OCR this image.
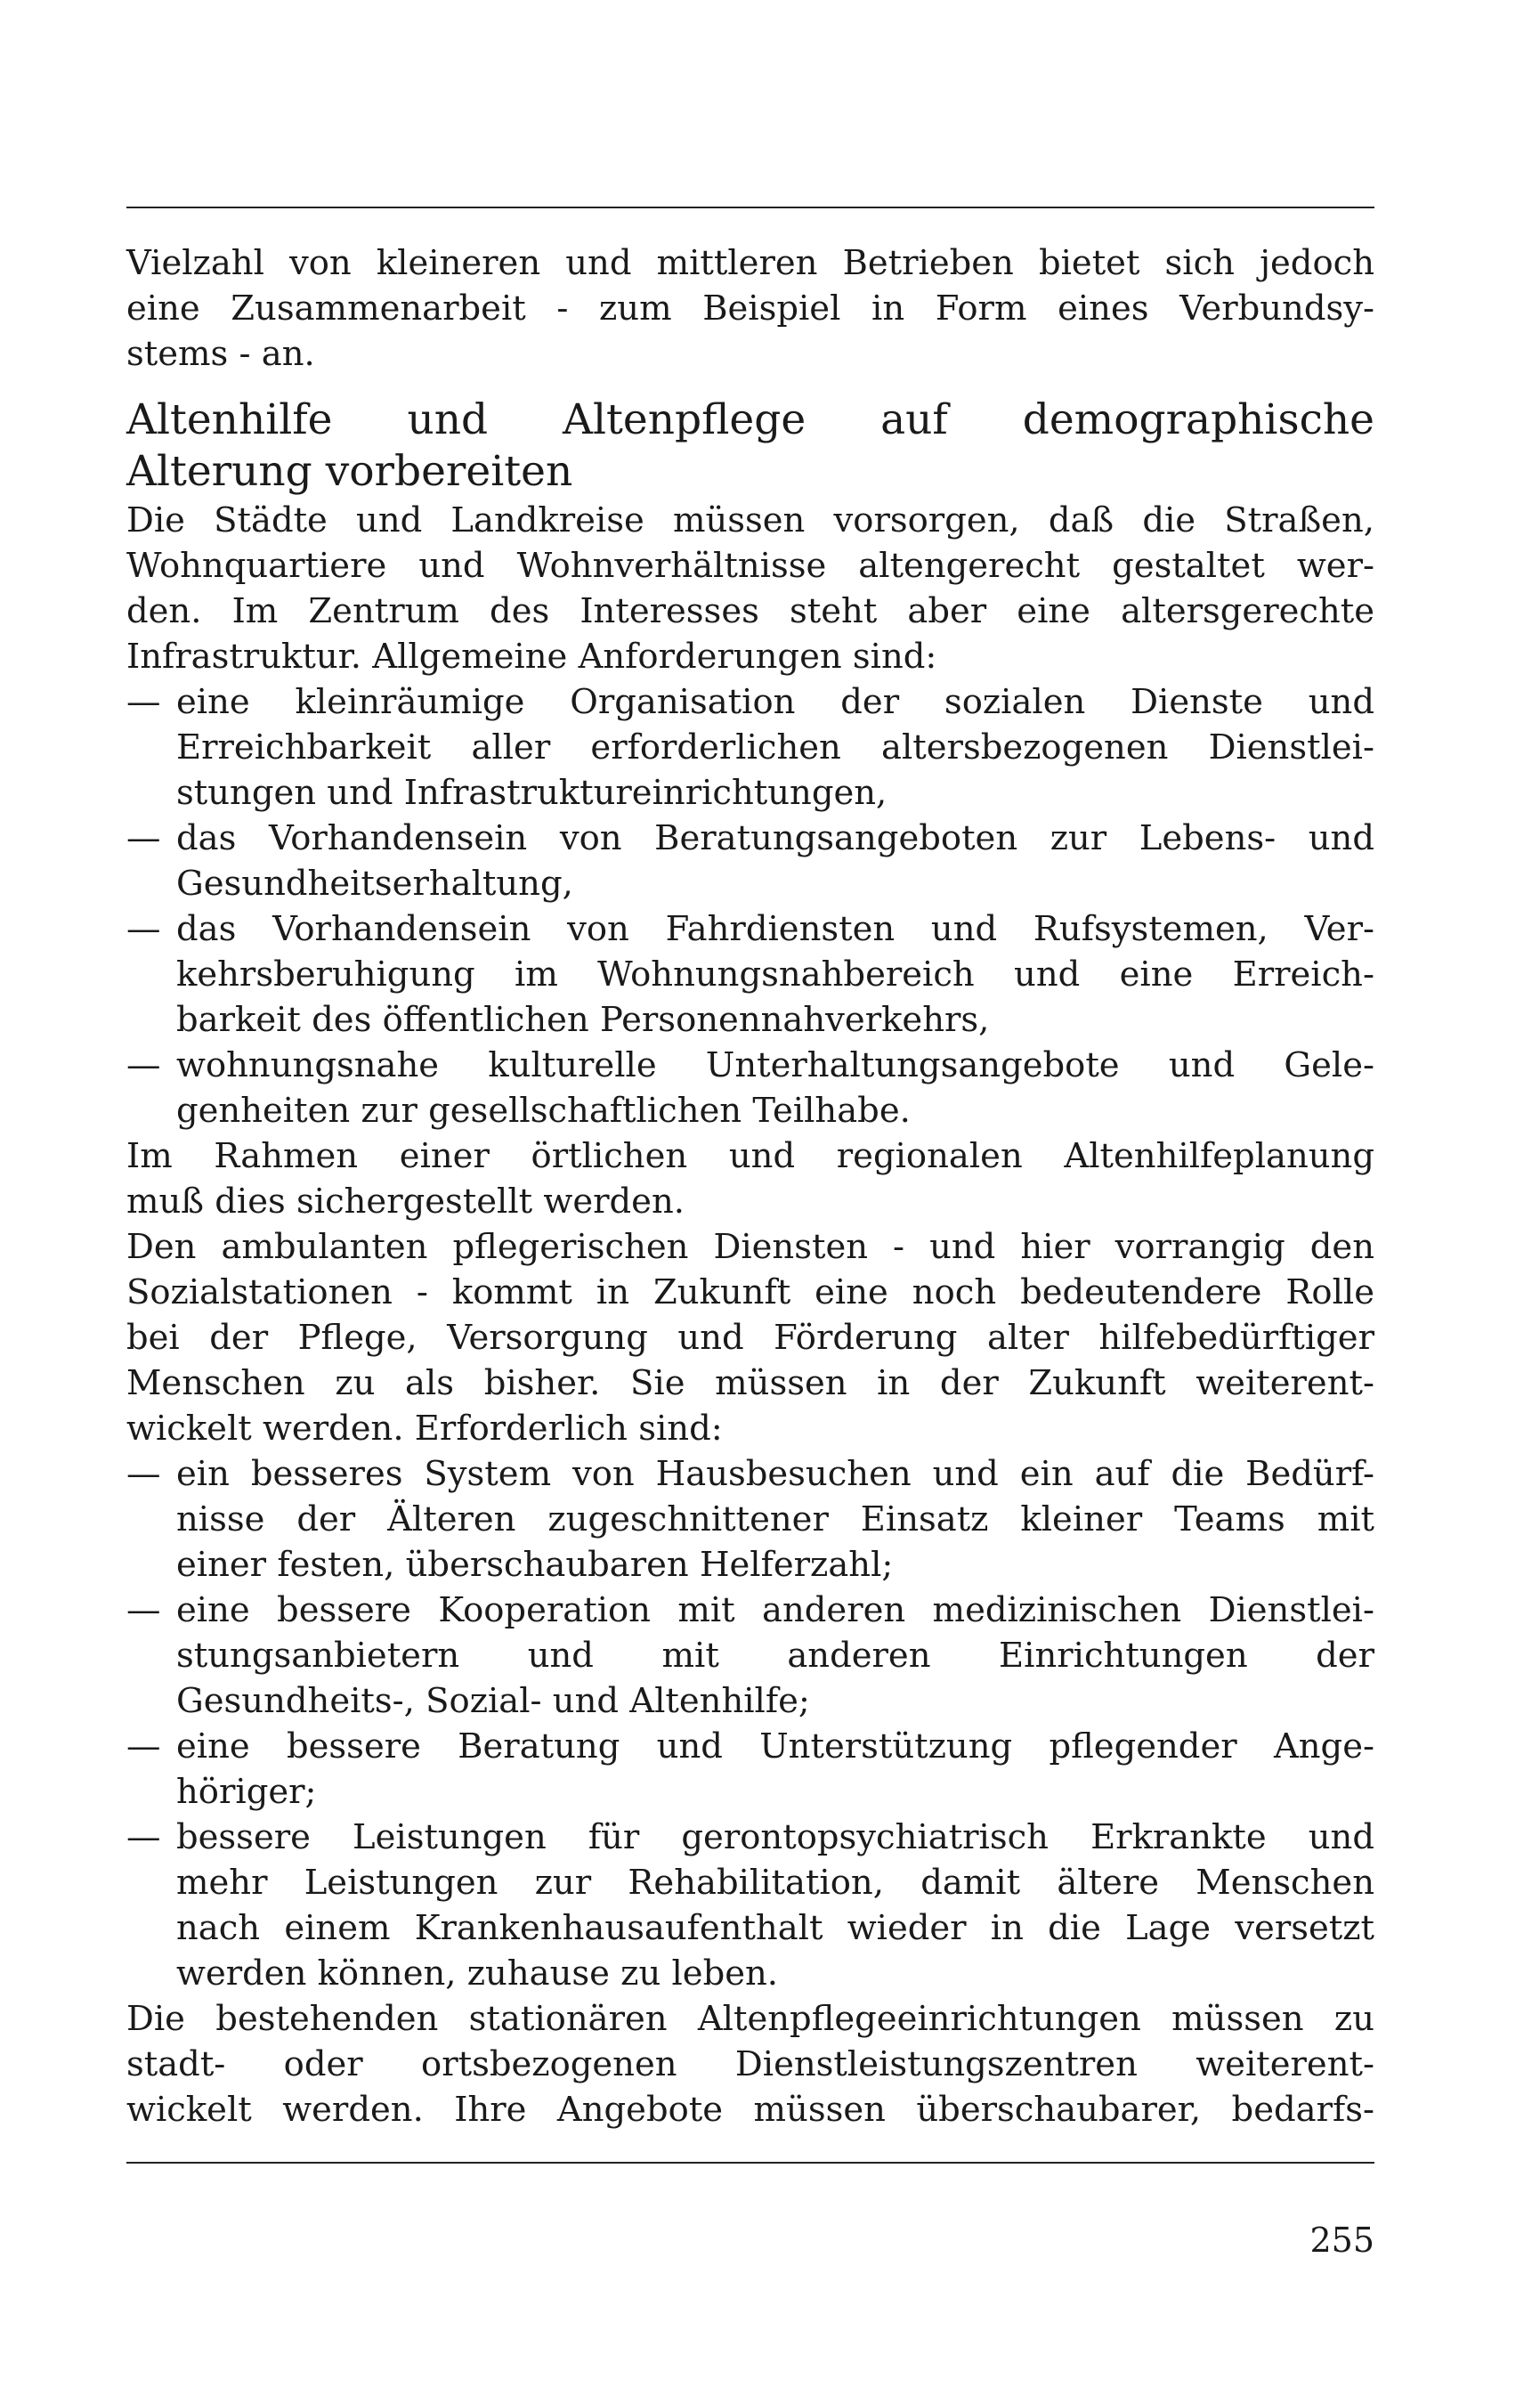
Vielzahl von kleineren und mittleren Betrieben bietet sich jedoch
eine Zusammenarbeit - zum Beispiel in Form eines Verbundsy-
stems - an.
Altenhilfe und Altenpflege auf demographische
Alterung vorbereiten
Die Städte und Landkreise müssen vorsorgen, daß die Straßen,
Wohnquartiere und Wohnverhältnisse altengerecht gestaltet wer-
den. Im Zentrum des Interesses steht aber eine altersgerechte
Infrastruktur. Allgemeine Anforderungen sind:
— eine kleinräumige Organisation der sozialen Dienste und
Erreichbarkeit aller erforderlichen altersbezogenen Dienstlei-
stungen und Infrastruktureinrichtungen,
— das Vorhandensein von Beratungsangeboten zur Lebens- und
Gesundheitserhaltung,
— das Vorhandensein von Fahrdiensten und Rufsystemen, Ver-
kehrsberuhigung im Wohnungsnahbereich und eine Erreich-
barkeit des öffentlichen Personennahverkehrs,
— wohnungsnahe kulturelle Unterhaltungsangebote und Gele-
genheiten zur gesellschaftlichen Teilhabe.
Im Rahmen einer örtlichen und regionalen Altenhilfeplanung
muß dies sichergestellt werden.
Den ambulanten pflegerischen Diensten - und hier vorrangig den
Sozialstationen - kommt in Zukunft eine noch bedeutendere Rolle
bei der Pflege, Versorgung und Förderung alter hilfebedürftiger
Menschen zu als bisher. Sie müssen in der Zukunft weiterent-
wickelt werden. Erforderlich sind:
— ein besseres System von Hausbesuchen und ein auf die Bedürf-
nisse der Älteren zugeschnittener Einsatz kleiner Teams mit
einer festen, überschaubaren Helferzahl;
— eine bessere Kooperation mit anderen medizinischen Dienstlei-
stungsanbietern und mit anderen Einrichtungen der
Gesundheits-, Sozial- und Altenhilfe;
— eine bessere Beratung und Unterstützung pflegender Ange-
höriger;
— bessere Leistungen für gerontopsychiatrisch Erkrankte und
mehr Leistungen zur Rehabilitation, damit ältere Menschen
nach einem Krankenhausaufenthalt wieder in die Lage versetzt
werden können, zuhause zu leben.
Die bestehenden stationären Altenpflegeeinrichtungen müssen zu
stadt- oder ortsbezogenen Dienstleistungszentren weiterent-
wickelt werden. Ihre Angebote müssen überschaubarer, bedarfs-
255
